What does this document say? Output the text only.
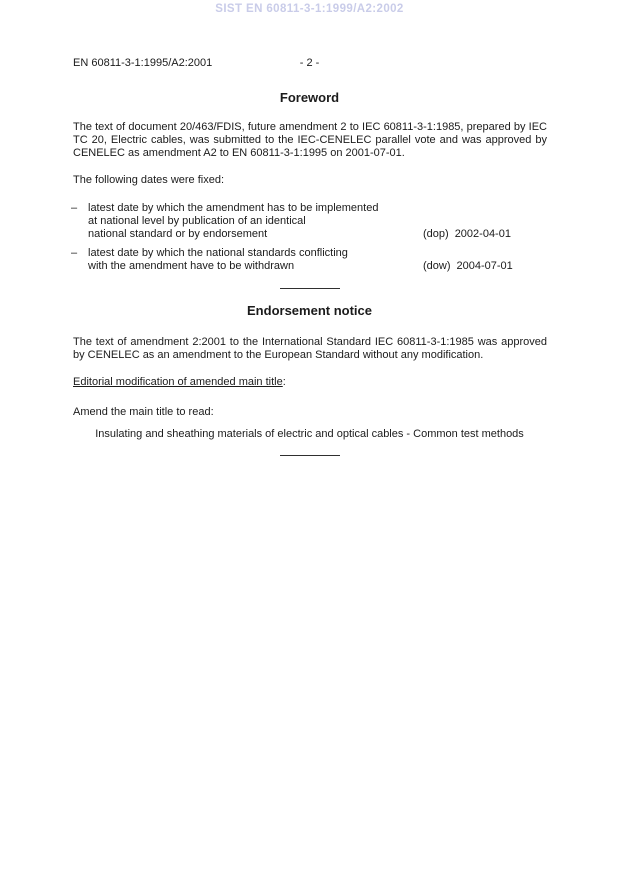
SIST EN 60811-3-1:1999/A2:2002
EN 60811-3-1:1995/A2:2001	- 2 -
Foreword
The text of document 20/463/FDIS, future amendment 2 to IEC 60811-3-1:1985, prepared by IEC TC 20, Electric cables, was submitted to the IEC-CENELEC parallel vote and was approved by CENELEC as amendment A2 to EN 60811-3-1:1995 on 2001-07-01.
The following dates were fixed:
– latest date by which the amendment has to be implemented
at national level by publication of an identical
national standard or by endorsement	(dop) 2002-04-01
– latest date by which the national standards conflicting
with the amendment have to be withdrawn	(dow) 2004-07-01
Endorsement notice
The text of amendment 2:2001 to the International Standard IEC 60811-3-1:1985 was approved by CENELEC as an amendment to the European Standard without any modification.
Editorial modification of amended main title:
Amend the main title to read:
Insulating and sheathing materials of electric and optical cables - Common test methods
